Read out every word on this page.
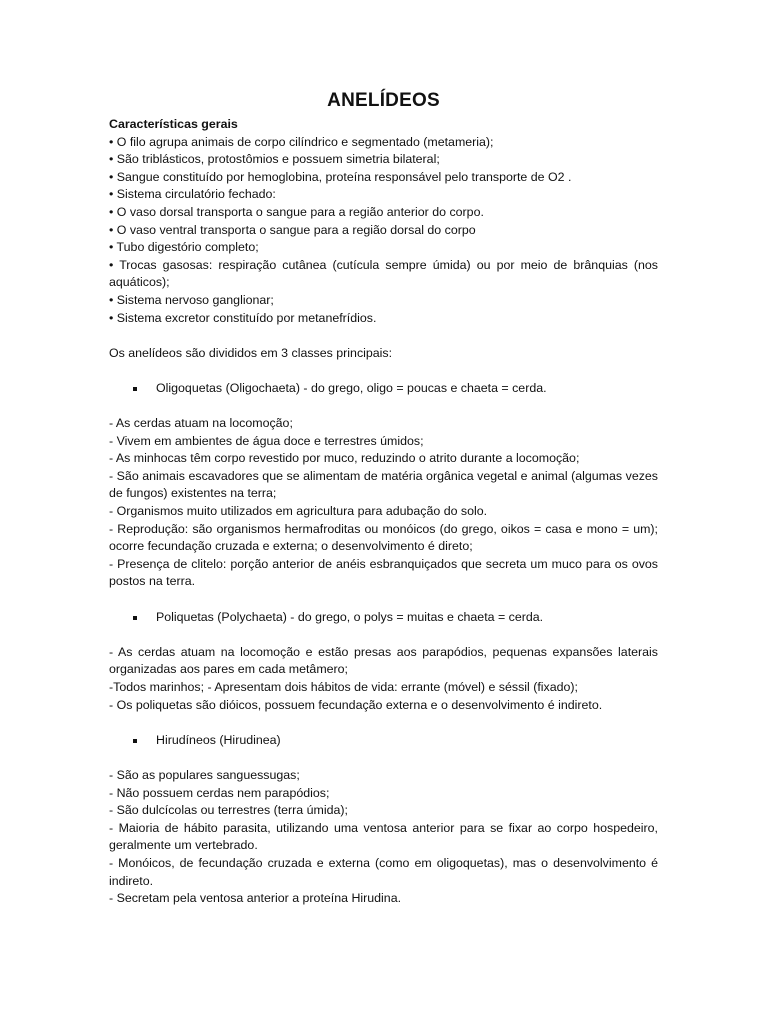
ANELÍDEOS

Características gerais

• O filo agrupa animais de corpo cilíndrico e segmentado (metameria);

• São triblásticos, protostômios e possuem simetria bilateral;

• Sangue constituído por hemoglobina, proteína responsável pelo transporte de O2 .

• Sistema circulatório fechado:

• O vaso dorsal transporta o sangue para a região anterior do corpo.

• O vaso ventral transporta o sangue para a região dorsal do corpo

• Tubo digestório completo;

• Trocas gasosas: respiração cutânea (cutícula sempre úmida) ou por meio de brânquias (nos aquáticos);

• Sistema nervoso ganglionar;

• Sistema excretor constituído por metanefrídios.

Os anelídeos são divididos em 3 classes principais:

Oligoquetas (Oligochaeta) - do grego, oligo = poucas e chaeta = cerda.

- As cerdas atuam na locomoção;

- Vivem em ambientes de água doce e terrestres úmidos;

- As minhocas têm corpo revestido por muco, reduzindo o atrito durante a locomoção;

- São animais escavadores que se alimentam de matéria orgânica vegetal e animal (algumas vezes de fungos) existentes na terra;

- Organismos muito utilizados em agricultura para adubação do solo.

- Reprodução: são organismos hermafroditas ou monóicos (do grego, oikos = casa e mono = um); ocorre fecundação cruzada e externa; o desenvolvimento é direto;

- Presença de clitelo: porção anterior de anéis esbranquiçados que secreta um muco para os ovos postos na terra.

Poliquetas (Polychaeta) - do grego, o polys = muitas e chaeta = cerda.

- As cerdas atuam na locomoção e estão presas aos parapódios, pequenas expansões laterais organizadas aos pares em cada metâmero;

-Todos marinhos; - Apresentam dois hábitos de vida: errante (móvel) e séssil (fixado);

- Os poliquetas são dióicos, possuem fecundação externa e o desenvolvimento é indireto.

Hirudíneos (Hirudinea)

- São as populares sanguessugas;

- Não possuem cerdas nem parapódios;

- São dulcícolas ou terrestres (terra úmida);

- Maioria de hábito parasita, utilizando uma ventosa anterior para se fixar ao corpo hospedeiro, geralmente um vertebrado.

- Monóicos, de fecundação cruzada e externa (como em oligoquetas), mas o desenvolvimento é indireto.

- Secretam pela ventosa anterior a proteína Hirudina.
